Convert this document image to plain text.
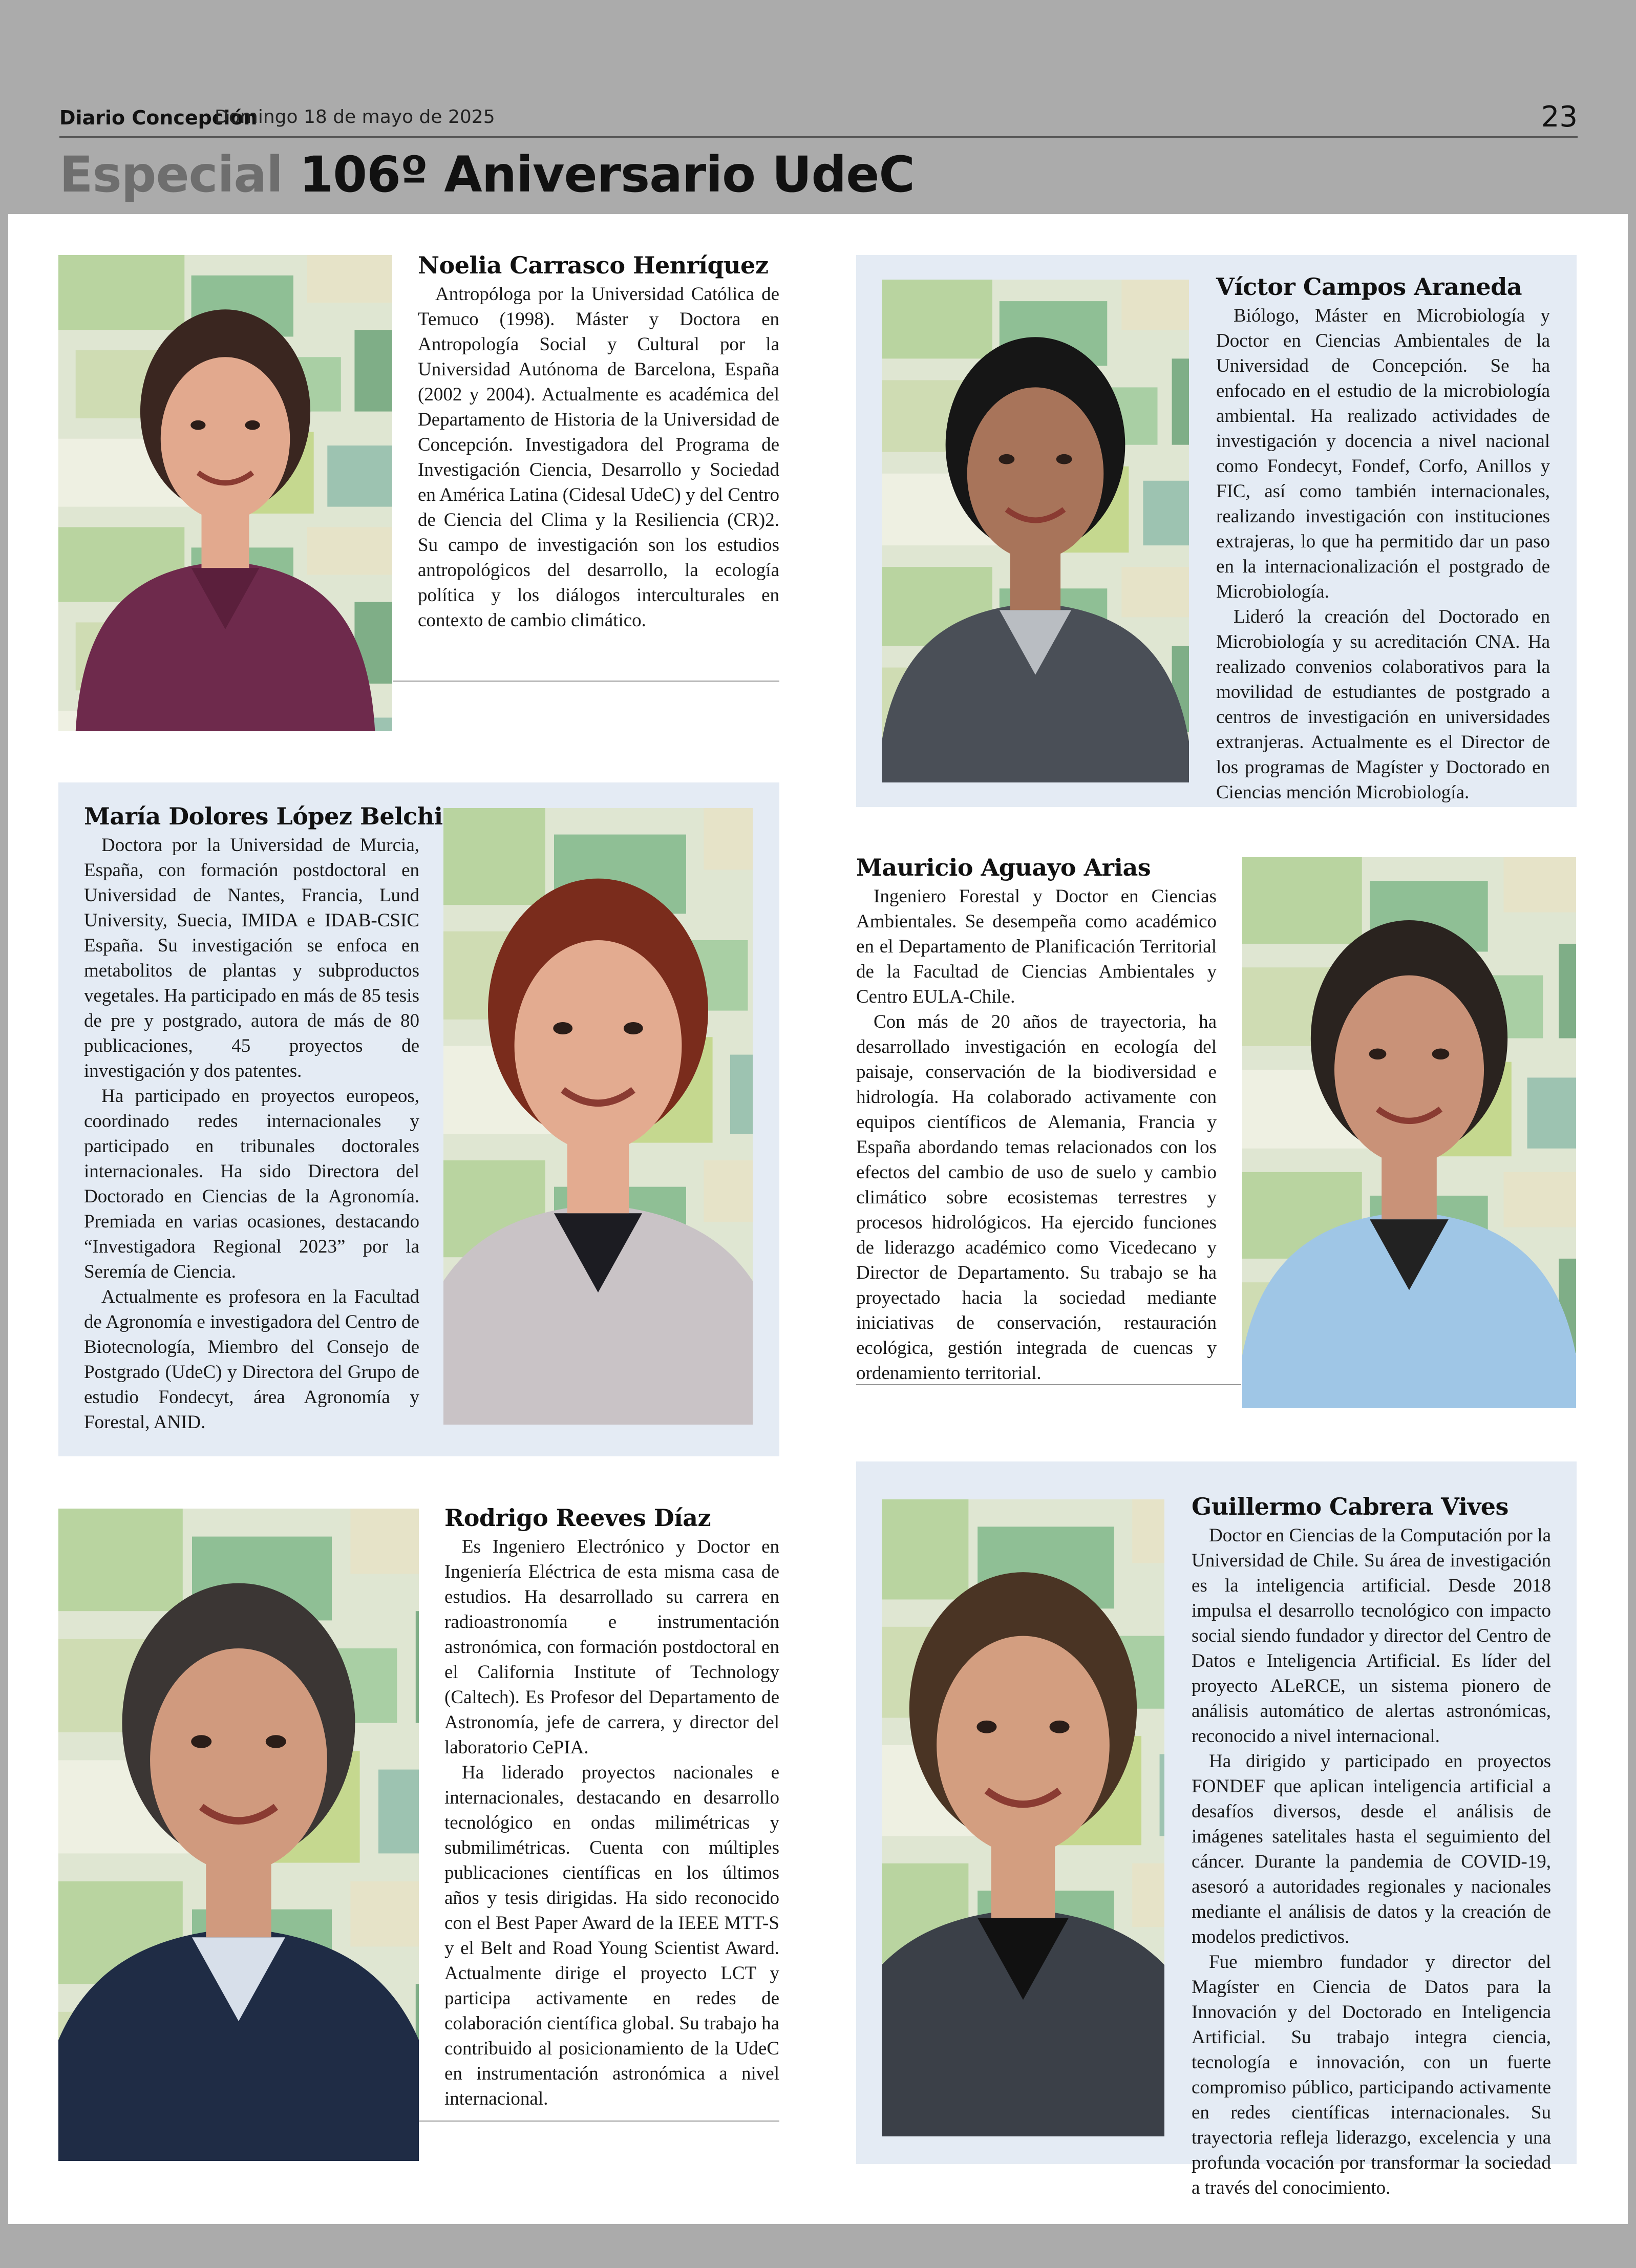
Diario Concepción
Domingo 18 de mayo de 2025	23
Especial 106º Aniversario UdeC
Noelia Carrasco Henríquez

Antropóloga por la Universidad Católica de Temuco (1998). Máster y Doctora en Antropología Social y Cultural por la Universidad Autónoma de Barcelona, España (2002 y 2004). Actualmente es académica del Departamento de Historia de la Universidad de Concepción. Investigadora del Programa de Investigación Ciencia, Desarrollo y Sociedad en América Latina (Cidesal UdeC) y del Centro de Ciencia del Clima y la Resiliencia (CR)2. Su campo de investigación son los estudios antropológicos del desarrollo, la ecología política y los diálogos interculturales en contexto de cambio climático.

Víctor Campos Araneda

Biólogo, Máster en Microbiología y Doctor en Ciencias Ambientales de la Universidad de Concepción. Se ha enfocado en el estudio de la microbiología ambiental. Ha realizado actividades de investigación y docencia a nivel nacional como Fondecyt, Fondef, Corfo, Anillos y FIC, así como también internacionales, realizando investigación con instituciones extrajeras, lo que ha permitido dar un paso en la internacionalización el postgrado de Microbiología.

Lideró la creación del Doctorado en Microbiología y su acreditación CNA. Ha realizado convenios colaborativos para la movilidad de estudiantes de postgrado a centros de investigación en universidades extranjeras. Actualmente es el Director de los programas de Magíster y Doctorado en Ciencias mención Microbiología.

María Dolores López Belchi

Doctora por la Universidad de Murcia, España, con formación postdoctoral en Universidad de Nantes, Francia, Lund University, Suecia, IMIDA e IDAB-CSIC España. Su investigación se enfoca en metabolitos de plantas y subproductos vegetales. Ha participado en más de 85 tesis de pre y postgrado, autora de más de 80 publicaciones, 45 proyectos de investigación y dos patentes.

Ha participado en proyectos europeos, coordinado redes internacionales y participado en tribunales doctorales internacionales. Ha sido Directora del Doctorado en Ciencias de la Agronomía. Premiada en varias ocasiones, destacando “Investigadora Regional 2023” por la Seremía de Ciencia.

Actualmente es profesora en la Facultad de Agronomía e investigadora del Centro de Biotecnología, Miembro del Consejo de Postgrado (UdeC) y Directora del Grupo de estudio Fondecyt, área Agronomía y Forestal, ANID.

Mauricio Aguayo Arias

Ingeniero Forestal y Doctor en Ciencias Ambientales. Se desempeña como académico en el Departamento de Planificación Territorial de la Facultad de Ciencias Ambientales y Centro EULA-Chile.

Con más de 20 años de trayectoria, ha desarrollado investigación en ecología del paisaje, conservación de la biodiversidad e hidrología. Ha colaborado activamente con equipos científicos de Alemania, Francia y España abordando temas relacionados con los efectos del cambio de uso de suelo y cambio climático sobre ecosistemas terrestres y procesos hidrológicos. Ha ejercido funciones de liderazgo académico como Vicedecano y Director de Departamento. Su trabajo se ha proyectado hacia la sociedad mediante iniciativas de conservación, restauración ecológica, gestión integrada de cuencas y ordenamiento territorial.

Rodrigo Reeves Díaz

Es Ingeniero Electrónico y Doctor en Ingeniería Eléctrica de esta misma casa de estudios. Ha desarrollado su carrera en radioastronomía e instrumentación astronómica, con formación postdoctoral en el California Institute of Technology (Caltech). Es Profesor del Departamento de Astronomía, jefe de carrera, y director del laboratorio CePIA.

Ha liderado proyectos nacionales e internacionales, destacando en desarrollo tecnológico en ondas milimétricas y submilimétricas. Cuenta con múltiples publicaciones científicas en los últimos años y tesis dirigidas. Ha sido reconocido con el Best Paper Award de la IEEE MTT-S y el Belt and Road Young Scientist Award. Actualmente dirige el proyecto LCT y participa activamente en redes de colaboración científica global. Su trabajo ha contribuido al posicionamiento de la UdeC en instrumentación astronómica a nivel internacional.

Guillermo Cabrera Vives

Doctor en Ciencias de la Computación por la Universidad de Chile. Su área de investigación es la inteligencia artificial. Desde 2018 impulsa el desarrollo tecnológico con impacto social siendo fundador y director del Centro de Datos e Inteligencia Artificial. Es líder del proyecto ALeRCE, un sistema pionero de análisis automático de alertas astronómicas, reconocido a nivel internacional.

Ha dirigido y participado en proyectos FONDEF que aplican inteligencia artificial a desafíos diversos, desde el análisis de imágenes satelitales hasta el seguimiento del cáncer. Durante la pandemia de COVID-19, asesoró a autoridades regionales y nacionales mediante el análisis de datos y la creación de modelos predictivos.

Fue miembro fundador y director del Magíster en Ciencia de Datos para la Innovación y del Doctorado en Inteligencia Artificial. Su trabajo integra ciencia, tecnología e innovación, con un fuerte compromiso público, participando activamente en redes científicas internacionales. Su trayectoria refleja liderazgo, excelencia y una profunda vocación por transformar la sociedad a través del conocimiento.
